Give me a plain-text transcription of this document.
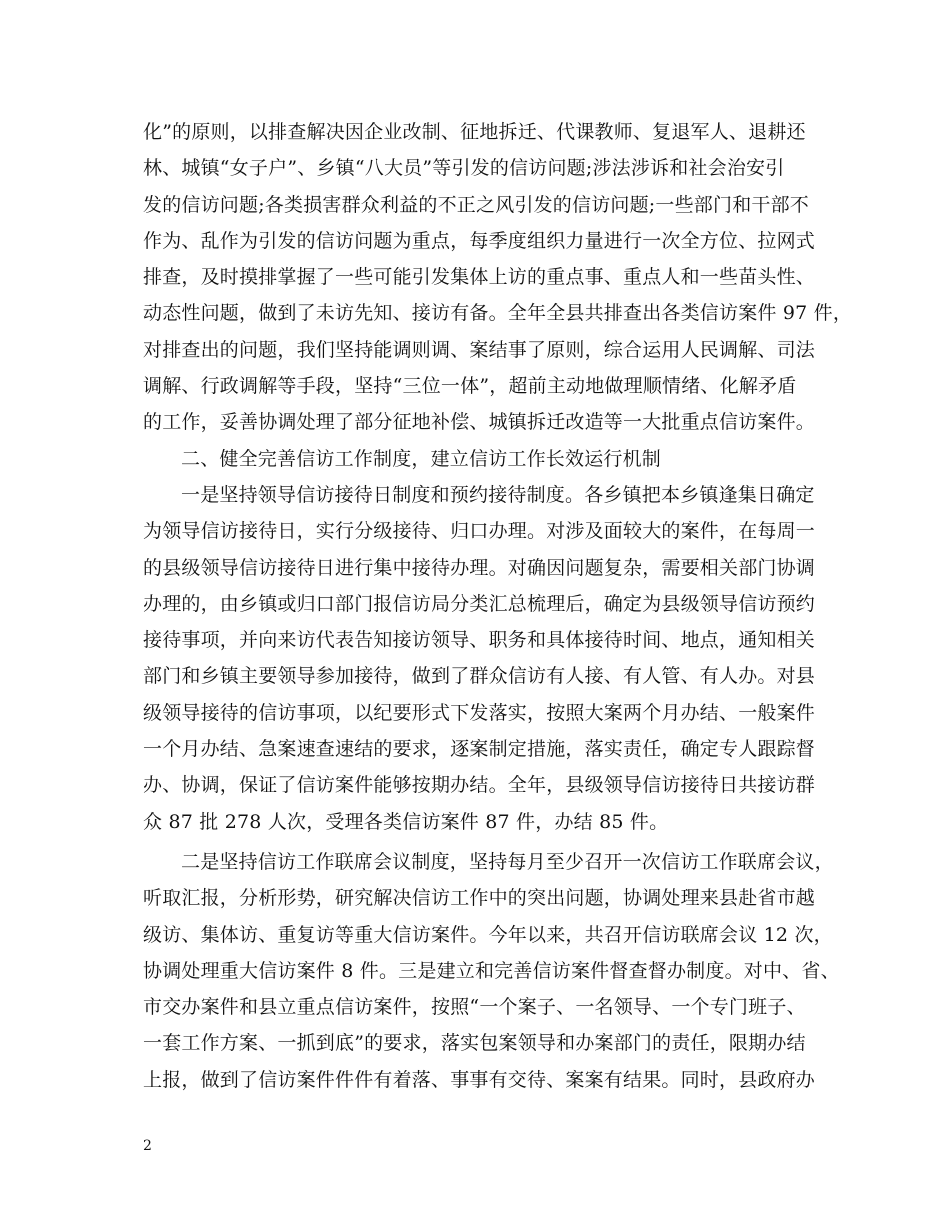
化”的原则，以排查解决因企业改制、征地拆迁、代课教师、复退军人、退耕还
林、城镇“女子户”、乡镇“八大员”等引发的信访问题;涉法涉诉和社会治安引
发的信访问题;各类损害群众利益的不正之风引发的信访问题;一些部门和干部不
作为、乱作为引发的信访问题为重点，每季度组织力量进行一次全方位、拉网式
排查，及时摸排掌握了一些可能引发集体上访的重点事、重点人和一些苗头性、
动态性问题，做到了未访先知、接访有备。全年全县共排查出各类信访案件 97 件，
对排查出的问题，我们坚持能调则调、案结事了原则，综合运用人民调解、司法
调解、行政调解等手段，坚持“三位一体”，超前主动地做理顺情绪、化解矛盾
的工作，妥善协调处理了部分征地补偿、城镇拆迁改造等一大批重点信访案件。
二、健全完善信访工作制度，建立信访工作长效运行机制
一是坚持领导信访接待日制度和预约接待制度。各乡镇把本乡镇逢集日确定
为领导信访接待日，实行分级接待、归口办理。对涉及面较大的案件，在每周一
的县级领导信访接待日进行集中接待办理。对确因问题复杂，需要相关部门协调
办理的，由乡镇或归口部门报信访局分类汇总梳理后，确定为县级领导信访预约
接待事项，并向来访代表告知接访领导、职务和具体接待时间、地点，通知相关
部门和乡镇主要领导参加接待，做到了群众信访有人接、有人管、有人办。对县
级领导接待的信访事项，以纪要形式下发落实，按照大案两个月办结、一般案件
一个月办结、急案速查速结的要求，逐案制定措施，落实责任，确定专人跟踪督
办、协调，保证了信访案件能够按期办结。全年，县级领导信访接待日共接访群
众 87 批 278 人次，受理各类信访案件 87 件，办结 85 件。
二是坚持信访工作联席会议制度，坚持每月至少召开一次信访工作联席会议，
听取汇报，分析形势，研究解决信访工作中的突出问题，协调处理来县赴省市越
级访、集体访、重复访等重大信访案件。今年以来，共召开信访联席会议 12 次，
协调处理重大信访案件 8 件。三是建立和完善信访案件督查督办制度。对中、省、
市交办案件和县立重点信访案件，按照“一个案子、一名领导、一个专门班子、
一套工作方案、一抓到底”的要求，落实包案领导和办案部门的责任，限期办结
上报，做到了信访案件件件有着落、事事有交待、案案有结果。同时，县政府办
2
